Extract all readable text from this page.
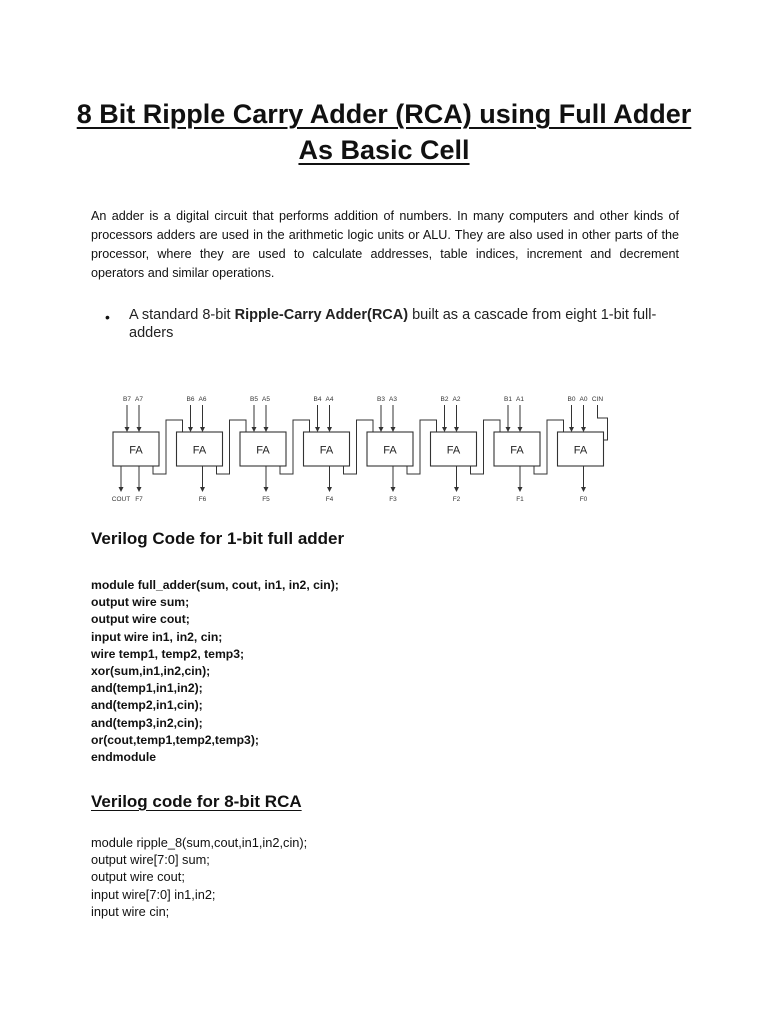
8 Bit Ripple Carry Adder (RCA) using Full Adder
As Basic Cell

An adder is a digital circuit that performs addition of numbers. In many computers and other kinds of processors adders are used in the arithmetic logic units or ALU. They are also used in other parts of the processor, where they are used to calculate addresses, table indices, increment and decrement operators and similar operations.

• A standard 8-bit Ripple-Carry Adder(RCA) built as a cascade from eight 1-bit full-adders

FA
B7 A7
COUT F7
FA
B6 A6
F6
FA
B5 A5
F5
FA
B4 A4
F4
FA
B3 A3
F3
FA
B2 A2
F2
FA
B1 A1
F1
FA
B0 A0 CIN
F0
Verilog Code for 1-bit full adder
module full_adder(sum, cout, in1, in2, cin);
output wire sum;
output wire cout;
input wire in1, in2, cin;
wire temp1, temp2, temp3;
xor(sum,in1,in2,cin);
and(temp1,in1,in2);
and(temp2,in1,cin);
and(temp3,in2,cin);
or(cout,temp1,temp2,temp3);
endmodule
Verilog code for 8-bit RCA
module ripple_8(sum,cout,in1,in2,cin);
output wire[7:0] sum;
output wire cout;
input wire[7:0] in1,in2;
input wire cin;
